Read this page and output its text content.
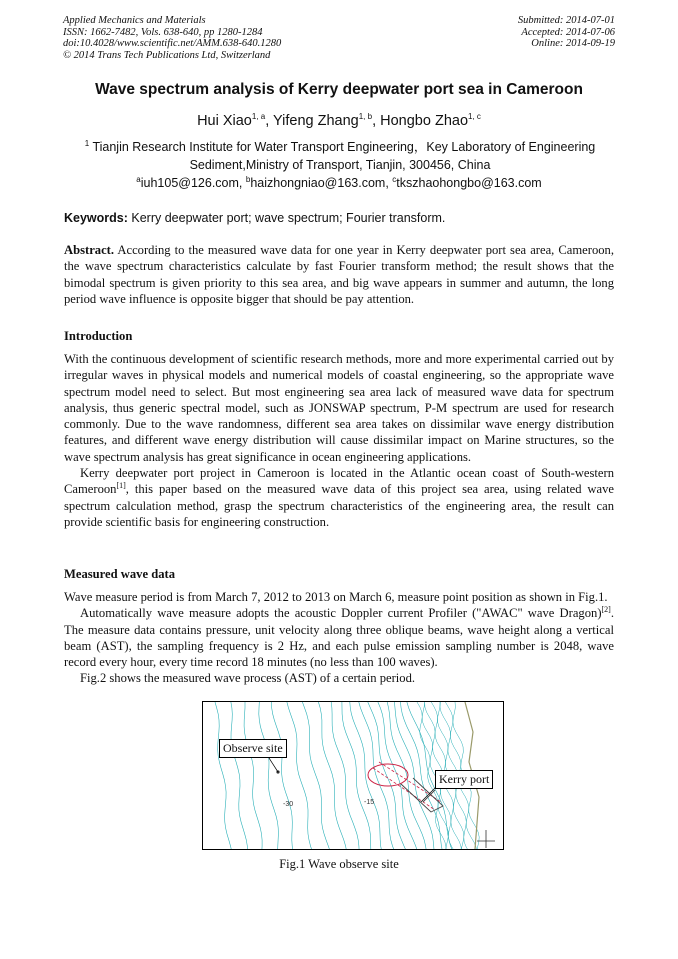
Applied Mechanics and Materials
ISSN: 1662-7482, Vols. 638-640, pp 1280-1284
doi:10.4028/www.scientific.net/AMM.638-640.1280
© 2014 Trans Tech Publications Ltd, Switzerland
Submitted: 2014-07-01
Accepted: 2014-07-06
Online: 2014-09-19
Wave spectrum analysis of Kerry deepwater port sea in Cameroon
Hui Xiao$^{1, a}$, Yifeng Zhang$^{1, b}$, Hongbo Zhao$^{1, c}$
$^1$ Tianjin Research Institute for Water Transport Engineering，Key Laboratory of Engineering
Sediment,Ministry of Transport, Tianjin, 300456, China
$^a$iuh105@126.com, $^b$haizhongniao@163.com, $^c$tkszhaohongbo@163.com
Keywords: Kerry deepwater port; wave spectrum; Fourier transform.
Abstract. According to the measured wave data for one year in Kerry deepwater port sea area, Cameroon, the wave spectrum characteristics calculate by fast Fourier transform method; the result shows that the bimodal spectrum is given priority to this sea area, and big wave appears in summer and autumn, the long period wave influence is opposite bigger that should be pay attention.
Introduction
With the continuous development of scientific research methods, more and more experimental carried out by irregular waves in physical models and numerical models of coastal engineering, so the appropriate wave spectrum model need to select. But most engineering sea area lack of measured wave data for spectrum analysis, thus generic spectral model, such as JONSWAP spectrum, P-M spectrum are used for research commonly. Due to the wave randomness, different sea area takes on dissimilar wave energy distribution features, and different wave energy distribution will cause dissimilar impact on Marine structures, so the wave spectrum analysis has great significance in ocean engineering applications.
Kerry deepwater port project in Cameroon is located in the Atlantic ocean coast of South-western Cameroon[1], this paper based on the measured wave data of this project sea area, using related wave spectrum calculation method, grasp the spectrum characteristics of the engineering area, the result can provide scientific basis for engineering construction.
Measured wave data
Wave measure period is from March 7, 2012 to 2013 on March 6, measure point position as shown in Fig.1.
Automatically wave measure adopts the acoustic Doppler current Profiler ("AWAC" wave Dragon)[2]. The measure data contains pressure, unit velocity along three oblique beams, wave height along a vertical beam (AST), the sampling frequency is 2 Hz, and each pulse emission sampling number is 2048, wave record every hour, every time record 18 minutes (no less than 100 waves).
Fig.2 shows the measured wave process (AST) of a certain period.
-30	-15
Observe site
Kerry port
Fig.1 Wave observe site
